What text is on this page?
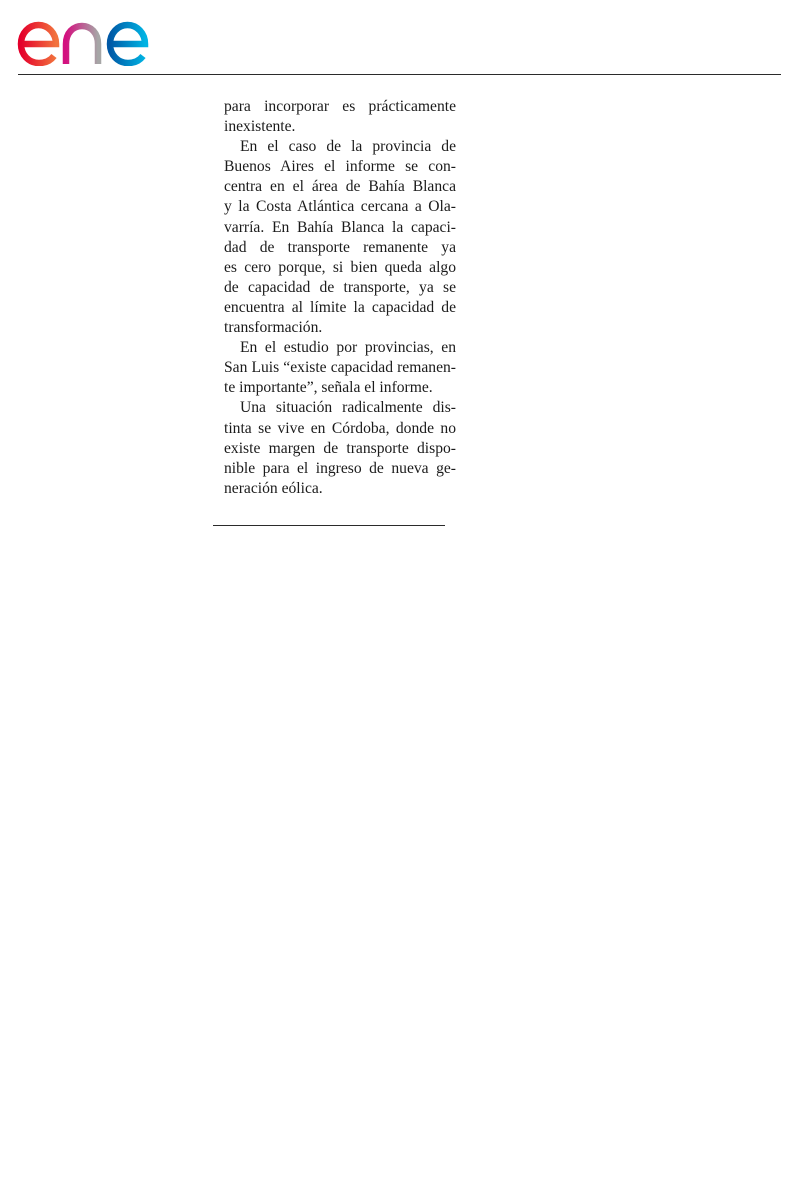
para incorporar es prácticamente
inexistente.
En el caso de la provincia de
Buenos Aires el informe se con-
centra en el área de Bahía Blanca
y la Costa Atlántica cercana a Ola-
varría. En Bahía Blanca la capaci-
dad de transporte remanente ya
es cero porque, si bien queda algo
de capacidad de transporte, ya se
encuentra al límite la capacidad de
transformación.
En el estudio por provincias, en
San Luis “existe capacidad remanen-
te importante”, señala el informe.
Una situación radicalmente dis-
tinta se vive en Córdoba, donde no
existe margen de transporte dispo-
nible para el ingreso de nueva ge-
neración eólica.
